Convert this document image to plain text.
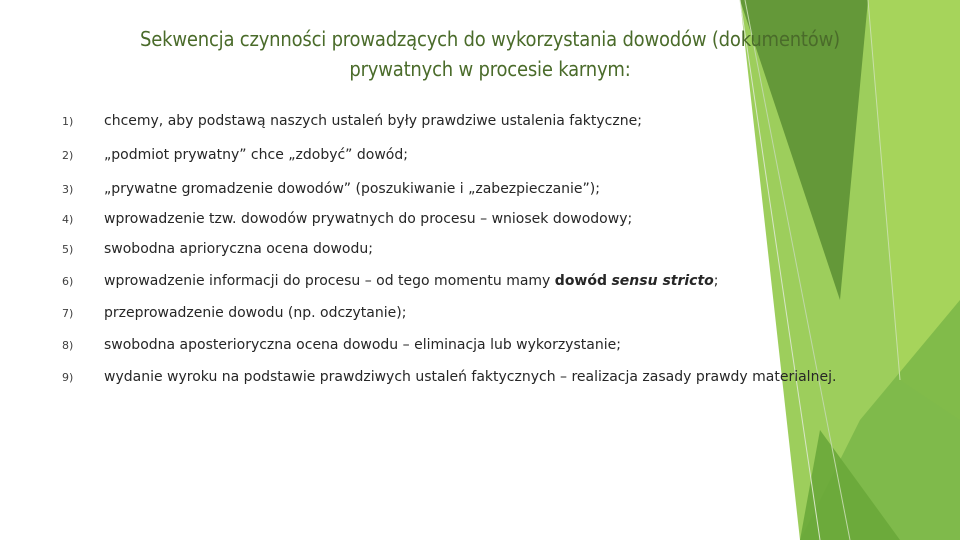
Sekwencja czynności prowadzących do wykorzystania dowodów (dokumentów)
prywatnych w procesie karnym:
1) chcemy, aby podstawą naszych ustaleń były prawdziwe ustalenia faktyczne;
2) „podmiot prywatny” chce „zdobyć” dowód;
3) „prywatne gromadzenie dowodów” (poszukiwanie i „zabezpieczanie”);
4) wprowadzenie tzw. dowodów prywatnych do procesu – wniosek dowodowy;
5) swobodna aprioryczna ocena dowodu;
6) wprowadzenie informacji do procesu – od tego momentu mamy dowód sensu stricto;
7) przeprowadzenie dowodu (np. odczytanie);
8) swobodna aposterioryczna ocena dowodu – eliminacja lub wykorzystanie;
9) wydanie wyroku na podstawie prawdziwych ustaleń faktycznych – realizacja zasady prawdy materialnej.
